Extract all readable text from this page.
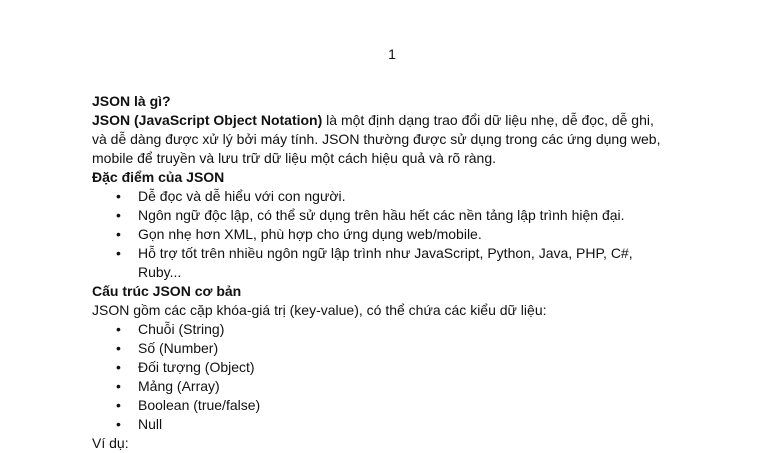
1

JSON là gì?

JSON (JavaScript Object Notation) là một định dạng trao đổi dữ liệu nhẹ, dễ đọc, dễ ghi,

và dễ dàng được xử lý bởi máy tính. JSON thường được sử dụng trong các ứng dụng web,

mobile để truyền và lưu trữ dữ liệu một cách hiệu quả và rõ ràng.

Đặc điểm của JSON

• Dễ đọc và dễ hiểu với con người.
• Ngôn ngữ độc lập, có thể sử dụng trên hầu hết các nền tảng lập trình hiện đại.
• Gọn nhẹ hơn XML, phù hợp cho ứng dụng web/mobile.
• Hỗ trợ tốt trên nhiều ngôn ngữ lập trình như JavaScript, Python, Java, PHP, C#,
Ruby...

Cấu trúc JSON cơ bản

JSON gồm các cặp khóa-giá trị (key-value), có thể chứa các kiểu dữ liệu:

• Chuỗi (String)
• Số (Number)
• Đối tượng (Object)
• Mảng (Array)
• Boolean (true/false)
• Null

Ví dụ:
